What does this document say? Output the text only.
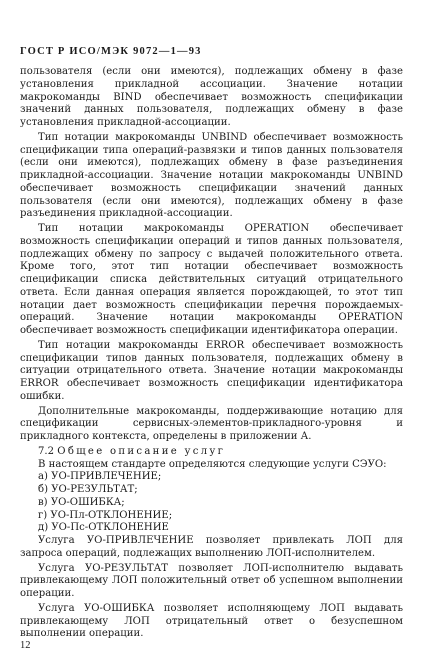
ГОСТ Р ИСО/МЭК 9072—1—93

пользователя (если они имеются), подлежащих обмену в фазе установления прикладной ассоциации. Значение нотации макрокоманды BIND обеспечивает возможность спецификации значений данных пользователя, подлежащих обмену в фазе установления прикладной-ассоциации.

Тип нотации макрокоманды UNBIND обеспечивает возможность спецификации типа операций-развязки и типов данных пользователя (если они имеются), подлежащих обмену в фазе разъединения прикладной-ассоциации. Значение нотации макрокоманды UNBIND обеспечивает возможность спецификации значений данных пользователя (если они имеются), подлежащих обмену в фазе разъединения прикладной-ассоциации.

Тип нотации макрокоманды OPERATION обеспечивает возможность спецификации операций и типов данных пользователя, подлежащих обмену по запросу с выдачей положительного ответа. Кроме того, этот тип нотации обеспечивает возможность спецификации списка действительных ситуаций отрицательного ответа. Если данная операция является порождающей, то этот тип нотации дает возможность спецификации перечня порождаемых-операций. Значение нотации макрокоманды OPERATION обеспечивает возможность спецификации идентификатора операции.

Тип нотации макрокоманды ERROR обеспечивает возможность спецификации типов данных пользователя, подлежащих обмену в ситуации отрицательного ответа. Значение нотации макрокоманды ERROR обеспечивает возможность спецификации идентификатора ошибки.

Дополнительные макрокоманды, поддерживающие нотацию для спецификации сервисных-элементов-прикладного-уровня и прикладного контекста, определены в приложении А.

7.2 Общее описание услуг

В настоящем стандарте определяются следующие услуги СЭУО:

а) УО-ПРИВЛЕЧЕНИЕ;
б) УО-РЕЗУЛЬТАТ;
в) УО-ОШИБКА;
г) УО-Пл-ОТКЛОНЕНИЕ;
д) УО-Пс-ОТКЛОНЕНИЕ

Услуга УО-ПРИВЛЕЧЕНИЕ позволяет привлекать ЛОП для запроса операций, подлежащих выполнению ЛОП-исполнителем.

Услуга УО-РЕЗУЛЬТАТ позволяет ЛОП-исполнителю выдавать привлекающему ЛОП положительный ответ об успешном выполнении операции.

Услуга УО-ОШИБКА позволяет исполняющему ЛОП выдавать привлекающему ЛОП отрицательный ответ о безуспешном выполнении операции.

12
